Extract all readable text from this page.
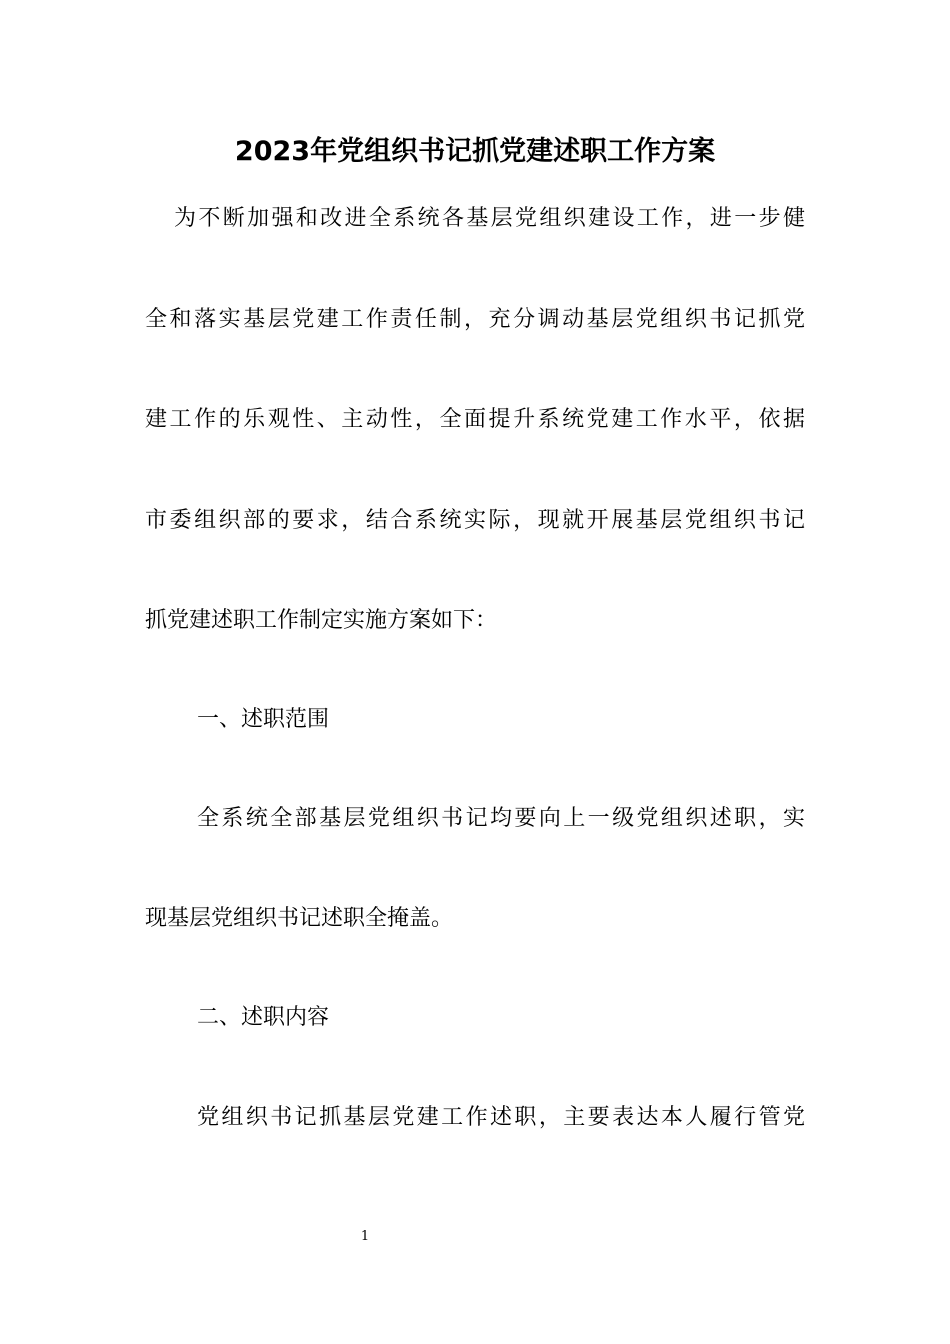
2023年党组织书记抓党建述职工作方案
为不断加强和改进全系统各基层党组织建设工作，进一步健
全和落实基层党建工作责任制，充分调动基层党组织书记抓党
建工作的乐观性、主动性，全面提升系统党建工作水平，依据
市委组织部的要求，结合系统实际，现就开展基层党组织书记
抓党建述职工作制定实施方案如下：
一、述职范围
全系统全部基层党组织书记均要向上一级党组织述职，实
现基层党组织书记述职全掩盖。
二、述职内容
党组织书记抓基层党建工作述职，主要表达本人履行管党
1
